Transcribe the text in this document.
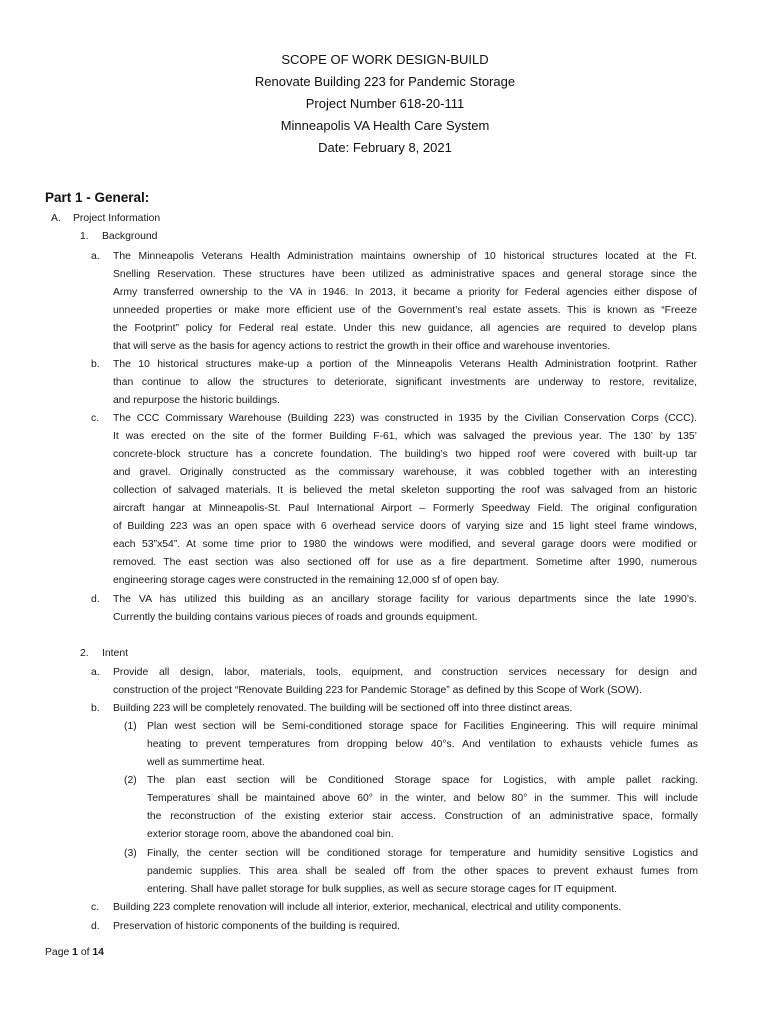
SCOPE OF WORK DESIGN-BUILD
Renovate Building 223 for Pandemic Storage
Project Number 618-20-111
Minneapolis VA Health Care System
Date: February 8, 2021
Part 1 - General:
A. Project Information
1. Background
a. The Minneapolis Veterans Health Administration maintains ownership of 10 historical structures located at the Ft.
Snelling Reservation. These structures have been utilized as administrative spaces and general storage since the
Army transferred ownership to the VA in 1946. In 2013, it became a priority for Federal agencies either dispose of
unneeded properties or make more efficient use of the Government’s real estate assets. This is known as “Freeze
the Footprint” policy for Federal real estate. Under this new guidance, all agencies are required to develop plans
that will serve as the basis for agency actions to restrict the growth in their office and warehouse inventories.
b. The 10 historical structures make-up a portion of the Minneapolis Veterans Health Administration footprint. Rather
than continue to allow the structures to deteriorate, significant investments are underway to restore, revitalize,
and repurpose the historic buildings.
c. The CCC Commissary Warehouse (Building 223) was constructed in 1935 by the Civilian Conservation Corps (CCC).
It was erected on the site of the former Building F-61, which was salvaged the previous year. The 130’ by 135’
concrete-block structure has a concrete foundation. The building’s two hipped roof were covered with built-up tar
and gravel. Originally constructed as the commissary warehouse, it was cobbled together with an interesting
collection of salvaged materials. It is believed the metal skeleton supporting the roof was salvaged from an historic
aircraft hangar at Minneapolis-St. Paul International Airport – Formerly Speedway Field. The original configuration
of Building 223 was an open space with 6 overhead service doors of varying size and 15 light steel frame windows,
each 53”x54”. At some time prior to 1980 the windows were modified, and several garage doors were modified or
removed. The east section was also sectioned off for use as a fire department. Sometime after 1990, numerous
engineering storage cages were constructed in the remaining 12,000 sf of open bay.
d. The VA has utilized this building as an ancillary storage facility for various departments since the late 1990’s.
Currently the building contains various pieces of roads and grounds equipment.
2. Intent
a. Provide all design, labor, materials, tools, equipment, and construction services necessary for design and
construction of the project “Renovate Building 223 for Pandemic Storage” as defined by this Scope of Work (SOW).
b. Building 223 will be completely renovated. The building will be sectioned off into three distinct areas.
(1) Plan west section will be Semi-conditioned storage space for Facilities Engineering. This will require minimal
heating to prevent temperatures from dropping below 40°s. And ventilation to exhausts vehicle fumes as
well as summertime heat.
(2) The plan east section will be Conditioned Storage space for Logistics, with ample pallet racking.
Temperatures shall be maintained above 60° in the winter, and below 80° in the summer. This will include
the reconstruction of the existing exterior stair access. Construction of an administrative space, formally
exterior storage room, above the abandoned coal bin.
(3) Finally, the center section will be conditioned storage for temperature and humidity sensitive Logistics and
pandemic supplies. This area shall be sealed off from the other spaces to prevent exhaust fumes from
entering. Shall have pallet storage for bulk supplies, as well as secure storage cages for IT equipment.
c. Building 223 complete renovation will include all interior, exterior, mechanical, electrical and utility components.
d. Preservation of historic components of the building is required.
Page 1 of 14
